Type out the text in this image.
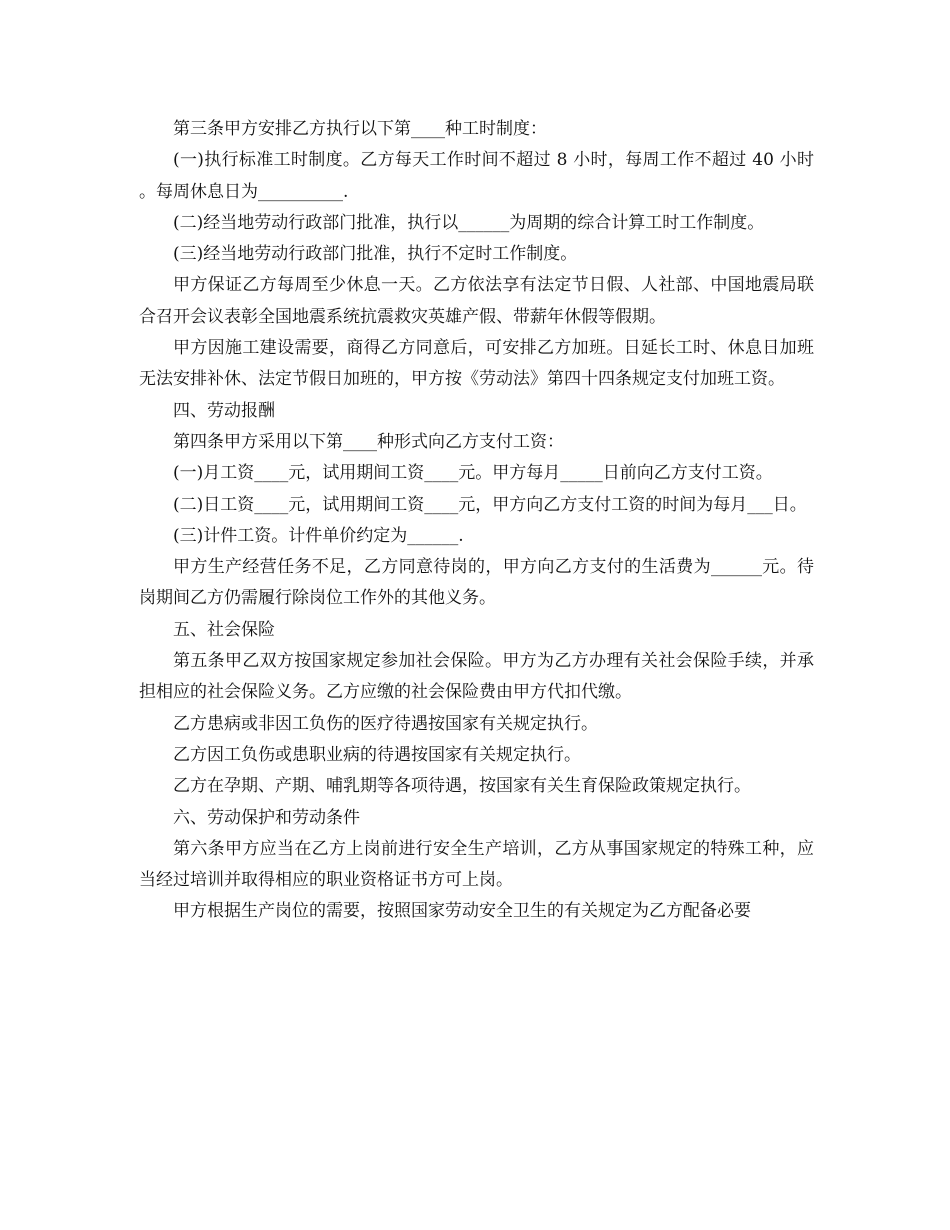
第三条甲方安排乙方执行以下第____种工时制度：

(一)执行标准工时制度。乙方每天工作时间不超过 8 小时，每周工作不超过 40 小时。每周休息日为__________.

(二)经当地劳动行政部门批准，执行以______为周期的综合计算工时工作制度。

(三)经当地劳动行政部门批准，执行不定时工作制度。

甲方保证乙方每周至少休息一天。乙方依法享有法定节日假、人社部、中国地震局联合召开会议表彰全国地震系统抗震救灾英雄产假、带薪年休假等假期。

甲方因施工建设需要，商得乙方同意后，可安排乙方加班。日延长工时、休息日加班无法安排补休、法定节假日加班的，甲方按《劳动法》第四十四条规定支付加班工资。

四、劳动报酬

第四条甲方采用以下第____种形式向乙方支付工资：

(一)月工资____元，试用期间工资____元。甲方每月_____日前向乙方支付工资。

(二)日工资____元，试用期间工资____元，甲方向乙方支付工资的时间为每月___日。

(三)计件工资。计件单价约定为______.

甲方生产经营任务不足，乙方同意待岗的，甲方向乙方支付的生活费为______元。待岗期间乙方仍需履行除岗位工作外的其他义务。

五、社会保险

第五条甲乙双方按国家规定参加社会保险。甲方为乙方办理有关社会保险手续，并承担相应的社会保险义务。乙方应缴的社会保险费由甲方代扣代缴。

乙方患病或非因工负伤的医疗待遇按国家有关规定执行。

乙方因工负伤或患职业病的待遇按国家有关规定执行。

乙方在孕期、产期、哺乳期等各项待遇，按国家有关生育保险政策规定执行。

六、劳动保护和劳动条件

第六条甲方应当在乙方上岗前进行安全生产培训，乙方从事国家规定的特殊工种，应当经过培训并取得相应的职业资格证书方可上岗。

甲方根据生产岗位的需要，按照国家劳动安全卫生的有关规定为乙方配备必要
